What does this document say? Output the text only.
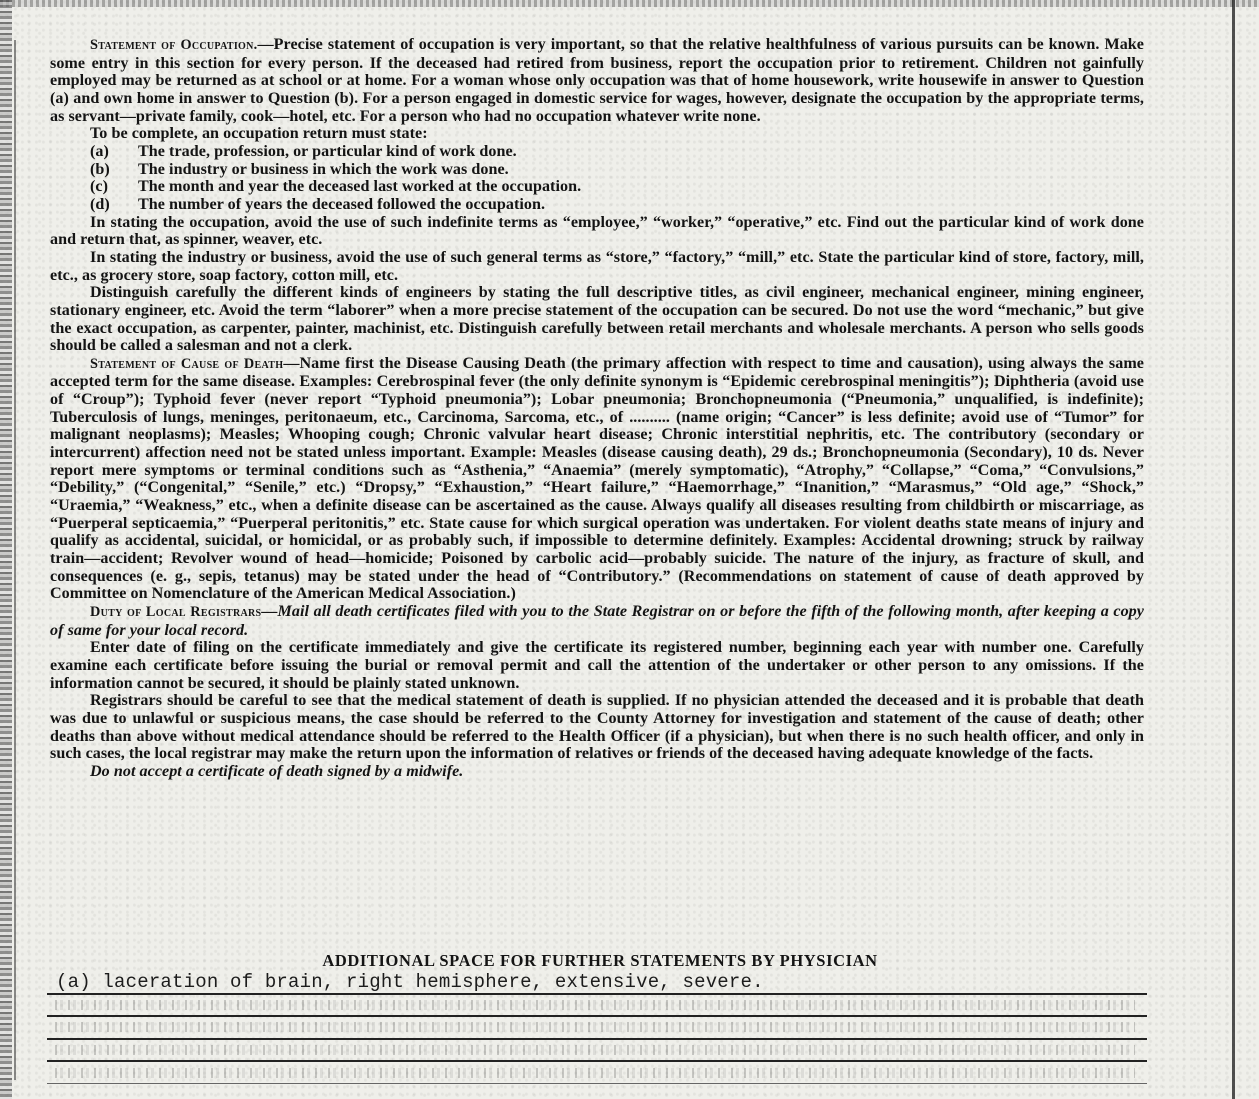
Statement of Occupation.—Precise statement of occupation is very important, so that the relative healthfulness of various pursuits can be known. Make some entry in this section for every person. If the deceased had retired from business, report the occupation prior to retirement. Children not gainfully employed may be returned as at school or at home. For a woman whose only occupation was that of home housework, write housewife in answer to Question (a) and own home in answer to Question (b). For a person engaged in domestic service for wages, however, designate the occupation by the appropriate terms, as servant—private family, cook—hotel, etc. For a person who had no occupation whatever write none.

To be complete, an occupation return must state:

(a) The trade, profession, or particular kind of work done.
(b) The industry or business in which the work was done.
(c) The month and year the deceased last worked at the occupation.
(d) The number of years the deceased followed the occupation.

In stating the occupation, avoid the use of such indefinite terms as “employee,” “worker,” “operative,” etc. Find out the particular kind of work done and return that, as spinner, weaver, etc.

In stating the industry or business, avoid the use of such general terms as “store,” “factory,” “mill,” etc. State the particular kind of store, factory, mill, etc., as grocery store, soap factory, cotton mill, etc.

Distinguish carefully the different kinds of engineers by stating the full descriptive titles, as civil engineer, mechanical engineer, mining engineer, stationary engineer, etc. Avoid the term “laborer” when a more precise statement of the occupation can be secured. Do not use the word “mechanic,” but give the exact occupation, as carpenter, painter, machinist, etc. Distinguish carefully between retail merchants and wholesale merchants. A person who sells goods should be called a salesman and not a clerk.

Statement of Cause of Death—Name first the Disease Causing Death (the primary affection with respect to time and causation), using always the same accepted term for the same disease. Examples: Cerebrospinal fever (the only definite synonym is “Epidemic cerebrospinal meningitis”); Diphtheria (avoid use of “Croup”); Typhoid fever (never report “Typhoid pneumonia”); Lobar pneumonia; Bronchopneumonia (“Pneumonia,” unqualified, is indefinite); Tuberculosis of lungs, meninges, peritonaeum, etc., Carcinoma, Sarcoma, etc., of .......... (name origin; “Cancer” is less definite; avoid use of “Tumor” for malignant neoplasms); Measles; Whooping cough; Chronic valvular heart disease; Chronic interstitial nephritis, etc. The contributory (secondary or intercurrent) affection need not be stated unless important. Example: Measles (disease causing death), 29 ds.; Bronchopneumonia (Secondary), 10 ds. Never report mere symptoms or terminal conditions such as “Asthenia,” “Anaemia” (merely symptomatic), “Atrophy,” “Collapse,” “Coma,” “Convulsions,” “Debility,” (“Congenital,” “Senile,” etc.) “Dropsy,” “Exhaustion,” “Heart failure,” “Haemorrhage,” “Inanition,” “Marasmus,” “Old age,” “Shock,” “Uraemia,” “Weakness,” etc., when a definite disease can be ascertained as the cause. Always qualify all diseases resulting from childbirth or miscarriage, as “Puerperal septicaemia,” “Puerperal peritonitis,” etc. State cause for which surgical operation was undertaken. For violent deaths state means of injury and qualify as accidental, suicidal, or homicidal, or as probably such, if impossible to determine definitely. Examples: Accidental drowning; struck by railway train—accident; Revolver wound of head—homicide; Poisoned by carbolic acid—probably suicide. The nature of the injury, as fracture of skull, and consequences (e. g., sepis, tetanus) may be stated under the head of “Contributory.” (Recommendations on statement of cause of death approved by Committee on Nomenclature of the American Medical Association.)

Duty of Local Registrars—Mail all death certificates filed with you to the State Registrar on or before the fifth of the following month, after keeping a copy of same for your local record.

Enter date of filing on the certificate immediately and give the certificate its registered number, beginning each year with number one. Carefully examine each certificate before issuing the burial or removal permit and call the attention of the undertaker or other person to any omissions. If the information cannot be secured, it should be plainly stated unknown.

Registrars should be careful to see that the medical statement of death is supplied. If no physician attended the deceased and it is probable that death was due to unlawful or suspicious means, the case should be referred to the County Attorney for investigation and statement of the cause of death; other deaths than above without medical attendance should be referred to the Health Officer (if a physician), but when there is no such health officer, and only in such cases, the local registrar may make the return upon the information of relatives or friends of the deceased having adequate knowledge of the facts.

Do not accept a certificate of death signed by a midwife.

ADDITIONAL SPACE FOR FURTHER STATEMENTS BY PHYSICIAN
(a) laceration of brain, right hemisphere, extensive, severe.
